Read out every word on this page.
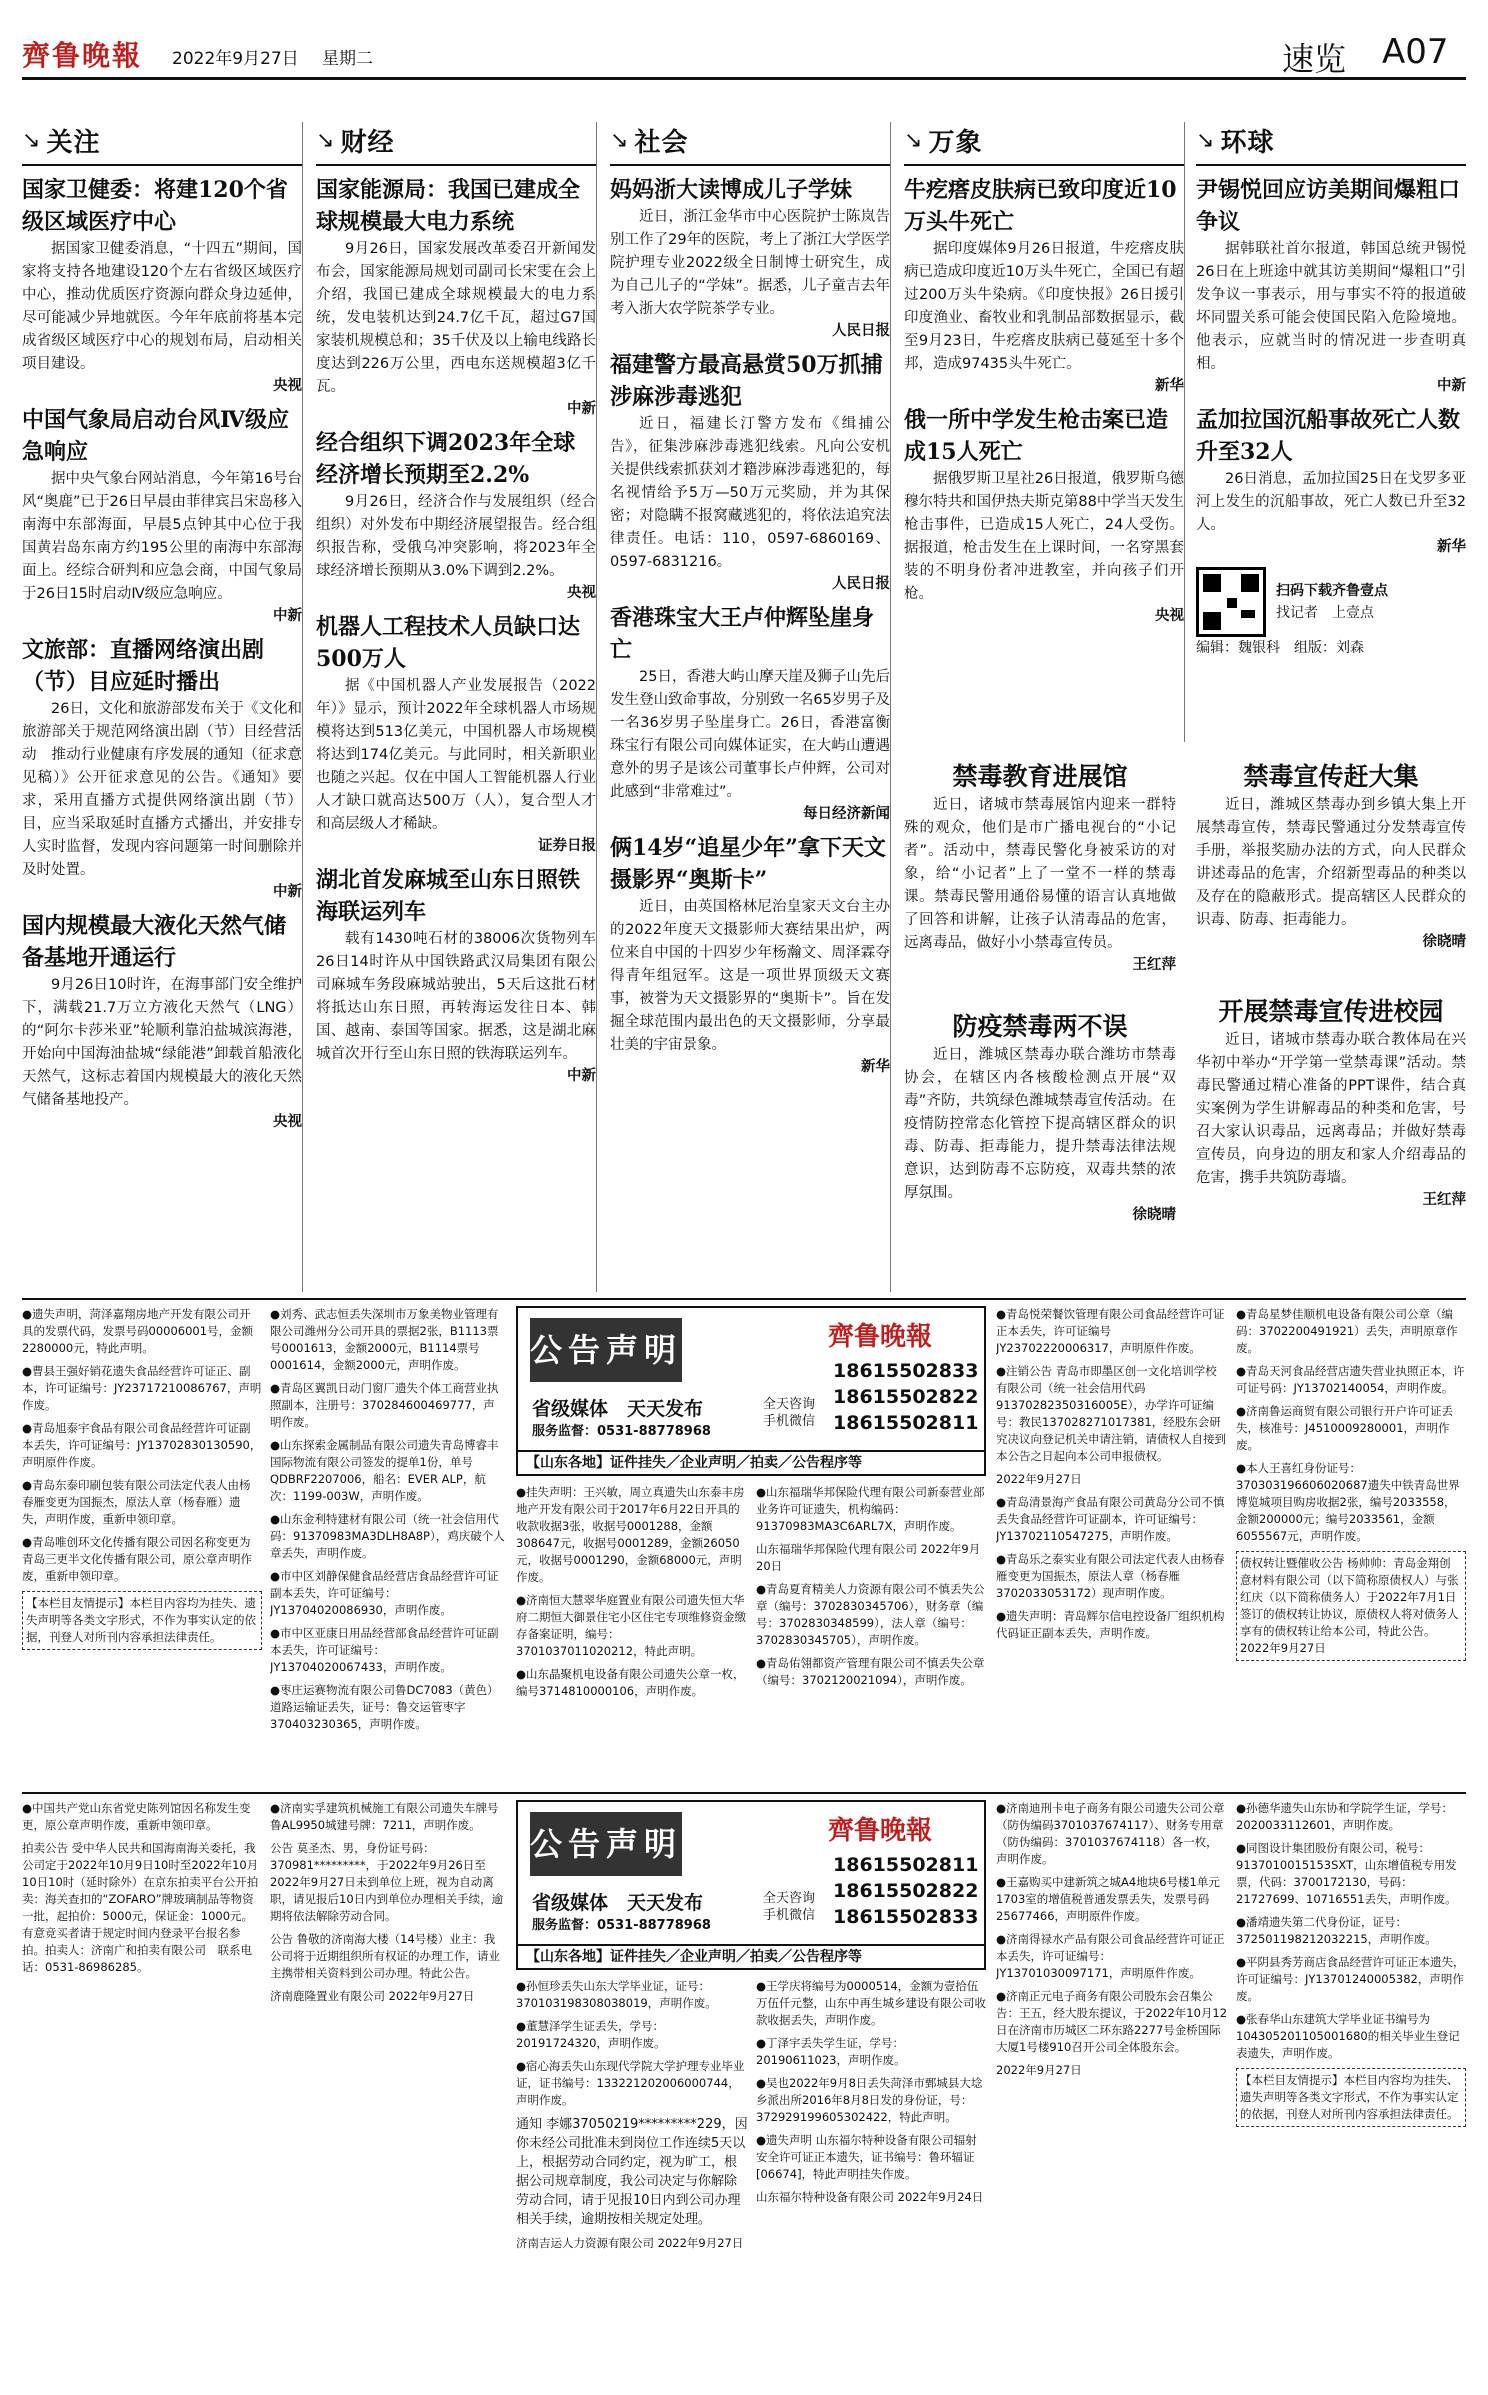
齊鲁晚報 2022年9月27日 星期二	速览 A07
↘ 关注
国家卫健委：将建120个省级区域医疗中心
据国家卫健委消息，“十四五”期间，国家将支持各地建设120个左右省级区域医疗中心，推动优质医疗资源向群众身边延伸，尽可能减少异地就医。今年年底前将基本完成省级区域医疗中心的规划布局，启动相关项目建设。
央视
中国气象局启动台风Ⅳ级应急响应
据中央气象台网站消息，今年第16号台风“奥鹿”已于26日早晨由菲律宾吕宋岛移入南海中东部海面，早晨5点钟其中心位于我国黄岩岛东南方约195公里的南海中东部海面上。经综合研判和应急会商，中国气象局于26日15时启动Ⅳ级应急响应。
中新
文旅部：直播网络演出剧（节）目应延时播出
26日，文化和旅游部发布关于《文化和旅游部关于规范网络演出剧（节）目经营活动　推动行业健康有序发展的通知（征求意见稿）》公开征求意见的公告。《通知》要求，采用直播方式提供网络演出剧（节）目，应当采取延时直播方式播出，并安排专人实时监督，发现内容问题第一时间删除并及时处置。
中新
国内规模最大液化天然气储备基地开通运行
9月26日10时许，在海事部门安全维护下，满载21.7万立方液化天然气（LNG）的“阿尔卡莎米亚”轮顺利靠泊盐城滨海港，开始向中国海油盐城“绿能港”卸载首船液化天然气，这标志着国内规模最大的液化天然气储备基地投产。
央视
↘ 财经
国家能源局：我国已建成全球规模最大电力系统
9月26日，国家发展改革委召开新闻发布会，国家能源局规划司副司长宋雯在会上介绍，我国已建成全球规模最大的电力系统，发电装机达到24.7亿千瓦，超过G7国家装机规模总和；35千伏及以上输电线路长度达到226万公里，西电东送规模超3亿千瓦。
中新
经合组织下调2023年全球经济增长预期至2.2%
9月26日，经济合作与发展组织（经合组织）对外发布中期经济展望报告。经合组织报告称，受俄乌冲突影响，将2023年全球经济增长预期从3.0%下调到2.2%。
央视
机器人工程技术人员缺口达500万人
据《中国机器人产业发展报告（2022年）》显示，预计2022年全球机器人市场规模将达到513亿美元，中国机器人市场规模将达到174亿美元。与此同时，相关新职业也随之兴起。仅在中国人工智能机器人行业人才缺口就高达500万（人），复合型人才和高层级人才稀缺。
证券日报
湖北首发麻城至山东日照铁海联运列车
载有1430吨石材的38006次货物列车26日14时许从中国铁路武汉局集团有限公司麻城车务段麻城站驶出，5天后这批石材将抵达山东日照，再转海运发往日本、韩国、越南、泰国等国家。据悉，这是湖北麻城首次开行至山东日照的铁海联运列车。
中新
↘ 社会
妈妈浙大读博成儿子学妹
近日，浙江金华市中心医院护士陈岚告别工作了29年的医院，考上了浙江大学医学院护理专业2022级全日制博士研究生，成为自己儿子的“学妹”。据悉，儿子童吉去年考入浙大农学院茶学专业。
人民日报
福建警方最高悬赏50万抓捕涉麻涉毒逃犯
近日，福建长汀警方发布《缉捕公告》，征集涉麻涉毒逃犯线索。凡向公安机关提供线索抓获刘才籍涉麻涉毒逃犯的，每名视情给予5万—50万元奖励，并为其保密；对隐瞒不报窝藏逃犯的，将依法追究法律责任。电话：110，0597-6860169、0597-6831216。
人民日报
香港珠宝大王卢仲辉坠崖身亡
25日，香港大屿山摩天崖及狮子山先后发生登山致命事故，分别致一名65岁男子及一名36岁男子坠崖身亡。26日，香港富衡珠宝行有限公司向媒体证实，在大屿山遭遇意外的男子是该公司董事长卢仲辉，公司对此感到“非常难过”。
每日经济新闻
俩14岁“追星少年”拿下天文摄影界“奥斯卡”
近日，由英国格林尼治皇家天文台主办的2022年度天文摄影师大赛结果出炉，两位来自中国的十四岁少年杨瀚文、周泽霖夺得青年组冠军。这是一项世界顶级天文赛事，被誉为天文摄影界的“奥斯卡”。旨在发掘全球范围内最出色的天文摄影师，分享最壮美的宇宙景象。
新华
↘ 万象
牛疙瘩皮肤病已致印度近10万头牛死亡
据印度媒体9月26日报道，牛疙瘩皮肤病已造成印度近10万头牛死亡，全国已有超过200万头牛染病。《印度快报》26日援引印度渔业、畜牧业和乳制品部数据显示，截至9月23日，牛疙瘩皮肤病已蔓延至十多个邦，造成97435头牛死亡。
新华
俄一所中学发生枪击案已造成15人死亡
据俄罗斯卫星社26日报道，俄罗斯乌德穆尔特共和国伊热夫斯克第88中学当天发生枪击事件，已造成15人死亡，24人受伤。据报道，枪击发生在上课时间，一名穿黑套装的不明身份者冲进教室，并向孩子们开枪。
央视
↘ 环球
尹锡悦回应访美期间爆粗口争议
据韩联社首尔报道，韩国总统尹锡悦26日在上班途中就其访美期间“爆粗口”引发争议一事表示，用与事实不符的报道破坏同盟关系可能会使国民陷入危险境地。他表示，应就当时的情况进一步查明真相。
中新
孟加拉国沉船事故死亡人数升至32人
26日消息，孟加拉国25日在戈罗多亚河上发生的沉船事故，死亡人数已升至32人。
新华
扫码下载齐鲁壹点
找记者　上壹点
编辑：魏银科　组版：刘森
禁毒教育进展馆
近日，诸城市禁毒展馆内迎来一群特殊的观众，他们是市广播电视台的“小记者”。活动中，禁毒民警化身被采访的对象，给“小记者”上了一堂不一样的禁毒课。禁毒民警用通俗易懂的语言认真地做了回答和讲解，让孩子认清毒品的危害，远离毒品，做好小小禁毒宣传员。
王红萍
防疫禁毒两不误
近日，潍城区禁毒办联合潍坊市禁毒协会，在辖区内各核酸检测点开展“双毒”齐防，共筑绿色潍城禁毒宣传活动。在疫情防控常态化管控下提高辖区群众的识毒、防毒、拒毒能力，提升禁毒法律法规意识，达到防毒不忘防疫，双毒共禁的浓厚氛围。
徐晓晴
禁毒宣传赶大集
近日，潍城区禁毒办到乡镇大集上开展禁毒宣传，禁毒民警通过分发禁毒宣传手册，举报奖励办法的方式，向人民群众讲述毒品的危害，介绍新型毒品的种类以及存在的隐蔽形式。提高辖区人民群众的识毒、防毒、拒毒能力。
徐晓晴
开展禁毒宣传进校园
近日，诸城市禁毒办联合教体局在兴华初中举办“开学第一堂禁毒课”活动。禁毒民警通过精心准备的PPT课件，结合真实案例为学生讲解毒品的种类和危害，号召大家认识毒品，远离毒品；并做好禁毒宣传员，向身边的朋友和家人介绍毒品的危害，携手共筑防毒墙。
王红萍

●遗失声明，菏泽嘉翔房地产开发有限公司开具的发票代码，发票号码00006001号，金额2280000元，特此声明。

●曹县王强好销花遗失食品经营许可证正、副本，许可证编号：JY23717210086767，声明作废。

●青岛旭泰宇食品有限公司食品经营许可证副本丢失，许可证编号：JY13702830130590，声明原件作废。

●青岛东泰印刷包装有限公司法定代表人由杨春雁变更为国振杰，原法人章（杨春雁）遗失，声明作废，重新申领印章。

●青岛唯创环文化传播有限公司因名称变更为青岛三更半文化传播有限公司，原公章声明作废，重新申领印章。

【本栏目友情提示】本栏目内容均为挂失、遗失声明等各类文字形式，不作为事实认定的依据，刊登人对所刊内容承担法律责任。

●刘秀、武志恒丢失深圳市万象美物业管理有限公司潍州分公司开具的票据2张，B1113票号0001613，金额2000元，B1114票号0001614，金额2000元，声明作废。

●青岛区翼凯日动门窗厂遗失个体工商营业执照副本，注册号：370284600469777，声明作废。

●山东探索金属制品有限公司遗失青岛博睿丰国际物流有限公司签发的提单1份，单号QDBRF2207006，船名：EVER ALP，航次：1199-003W，声明作废。

●山东金利特建材有限公司（统一社会信用代码：91370983MA3DLH8A8P），鸡庆破个人章丢失，声明作废。

●市中区刘静保健食品经营店食品经营许可证副本丢失，许可证编号：JY13704020086930，声明作废。

●市中区亚康日用品经营部食品经营许可证副本丢失，许可证编号：JY13704020067433，声明作废。

●枣庄运赛物流有限公司鲁DC7083（黄色）道路运输证丢失，证号：鲁交运管枣字370403230365，声明作废。

公告声明	齊鲁晚報
省级媒体　天天发布
服务监督：0531-88778968
全天咨询手机微信
18615502833
18615502822
18615502811
【山东各地】证件挂失／企业声明／拍卖／公告程序等

●挂失声明：王兴敏，周立真遗失山东泰丰房地产开发有限公司于2017年6月22日开具的收款收据3张，收据号0001288，金额308647元，收据号0001289，金额26050元，收据号0001290，金额68000元，声明作废。

●济南恒大慧翠华庭置业有限公司遗失恒大华府二期恒大御景住宅小区住宅专项维修资金缴存备案证明，编号：3701037011020212，特此声明。

●山东晶聚机电设备有限公司遗失公章一枚，编号3714810000106，声明作废。

●山东福瑞华邦保险代理有限公司新泰营业部业务许可证遗失，机构编码：91370983MA3C6ARL7X，声明作废。

山东福瑞华邦保险代理有限公司 2022年9月20日

●青岛夏育精美人力资源有限公司不慎丢失公章（编号：3702830345706），财务章（编号：3702830348599），法人章（编号：3702830345705），声明作废。

●青岛佑翎都资产管理有限公司不慎丢失公章（编号：3702120021094），声明作废。

●青岛悦荣餐饮管理有限公司食品经营许可证正本丢失，许可证编号JY23702220006317，声明原件作废。

●注销公告 青岛市即墨区创一文化培训学校有限公司（统一社会信用代码91370282350316005E），办学许可证编号：教民137028271017381，经股东会研究决议向登记机关申请注销，请债权人自接到本公告之日起向本公司申报债权。

2022年9月27日

●青岛清景海产食品有限公司黄岛分公司不慎丢失食品经营许可证副本，许可证编号：JY13702110547275，声明作废。

●青岛乐之泰实业有限公司法定代表人由杨春雁变更为国振杰，原法人章（杨春雁3702033053172）现声明作废。

●遗失声明：青岛辉尔信电控设备厂组织机构代码证正副本丢失，声明作废。

●青岛星梦佳顺机电设备有限公司公章（编码：3702200491921）丢失，声明原章作废。

●青岛天河食品经营店遗失营业执照正本，许可证号码：JY13702140054，声明作废。

●济南鲁运商贸有限公司银行开户许可证丢失，核准号：J4510009280001，声明作废。

●本人王喜红身份证号：370303196606020687遗失中铁青岛世界博览城项目购房收据2张，编号2033558，金额200000元；编号2033561，金额6055567元，声明作废。

债权转让暨催收公告 杨帅帅：青岛金翔创意材料有限公司（以下简称原债权人）与张红庆（以下简称债务人）于2022年7月1日签订的债权转让协议，原债权人将对债务人享有的债权转让给本公司，特此公告。 2022年9月27日

●中国共产党山东省党史陈列馆因名称发生变更，原公章声明作废，重新申领印章。

拍卖公告 受中华人民共和国海南海关委托，我公司定于2022年10月9日10时至2022年10月10日10时（延时除外）在京东拍卖平台公开拍卖：海关查扣的“ZOFARO”牌玻璃制品等物资一批，起拍价：5000元，保证金：1000元。有意竞买者请于规定时间内登录平台报名参拍。拍卖人：济南广和拍卖有限公司　联系电话：0531-86986285。

●济南实孚建筑机械施工有限公司遗失车牌号鲁AL9950城建号牌：7211，声明作废。

公告 莫圣杰、男，身份证号码：370981*********，于2022年9月26日至2022年9月27日未到单位上班，视为自动离职，请见报后10日内到单位办理相关手续，逾期将依法解除劳动合同。

公告 鲁敬的济南海大楼（14号楼）业主：我公司将于近期组织所有权证的办理工作，请业主携带相关资料到公司办理。特此公告。

济南鹿隆置业有限公司 2022年9月27日

公告声明	齊鲁晚報
省级媒体　天天发布
服务监督：0531-88778968
全天咨询手机微信
18615502811
18615502822
18615502833
【山东各地】证件挂失／企业声明／拍卖／公告程序等

●孙恒珍丢失山东大学毕业证，证号：370103198308038019，声明作废。

●董慧泽学生证丢失，学号：20191724320，声明作废。

●宿心海丢失山东现代学院大学护理专业毕业证，证书编号：133221202006000744，声明作废。

通知 李娜37050219*********229，因你未经公司批准未到岗位工作连续5天以上，根据劳动合同约定，视为旷工，根据公司规章制度，我公司决定与你解除劳动合同，请于见报10日内到公司办理相关手续，逾期按相关规定处理。

济南吉运人力资源有限公司 2022年9月27日

●王学庆将编号为0000514，金额为壹拾伍万伍仟元整，山东中再生城乡建设有限公司收款收据丢失，声明作废。

●丁泽宇丢失学生证，学号：20190611023，声明作废。

●吴也2022年9月8日丢失菏泽市鄄城县大埝乡派出所2016年8月8日发的身份证，号：372929199605302422，特此声明。

●遗失声明 山东福尔特种设备有限公司辐射安全许可证正本遗失，证书编号：鲁环辐证[06674]，特此声明挂失作废。

山东福尔特种设备有限公司 2022年9月24日

●济南迪刑卡电子商务有限公司遗失公司公章（防伪编码3701037674117）、财务专用章（防伪编码：3701037674118）各一枚，声明作废。

●王嘉购买中建新筑之城A4地块6号楼1单元1703室的增值税普通发票丢失，发票号码25677466，声明原件作废。

●济南得禄水产品有限公司食品经营许可证正本丢失，许可证编号：JY13701030097171，声明原件作废。

●济南正元电子商务有限公司股东会召集公告：王五，经大股东提议，于2022年10月12日在济南市历城区二环东路2277号金桥国际大厦1号楼910召开公司全体股东会。

2022年9月27日

●孙德华遗失山东协和学院学生证，学号：2020033112601，声明作废。

●同图设计集团股份有限公司，税号：9137010015153SXT，山东增值税专用发票，代码：3700172130，号码：21727699、10716551丢失，声明作废。

●潘靖遗失第二代身份证，证号：372501198212032215，声明作废。

●平阴县秀芳商店食品经营许可证正本遗失，许可证编号：JY13701240005382，声明作废。

●张春华山东建筑大学毕业证书编号为104305201105001680的相关毕业生登记表遗失，声明作废。

【本栏目友情提示】本栏目内容均为挂失、遗失声明等各类文字形式，不作为事实认定的依据，刊登人对所刊内容承担法律责任。
